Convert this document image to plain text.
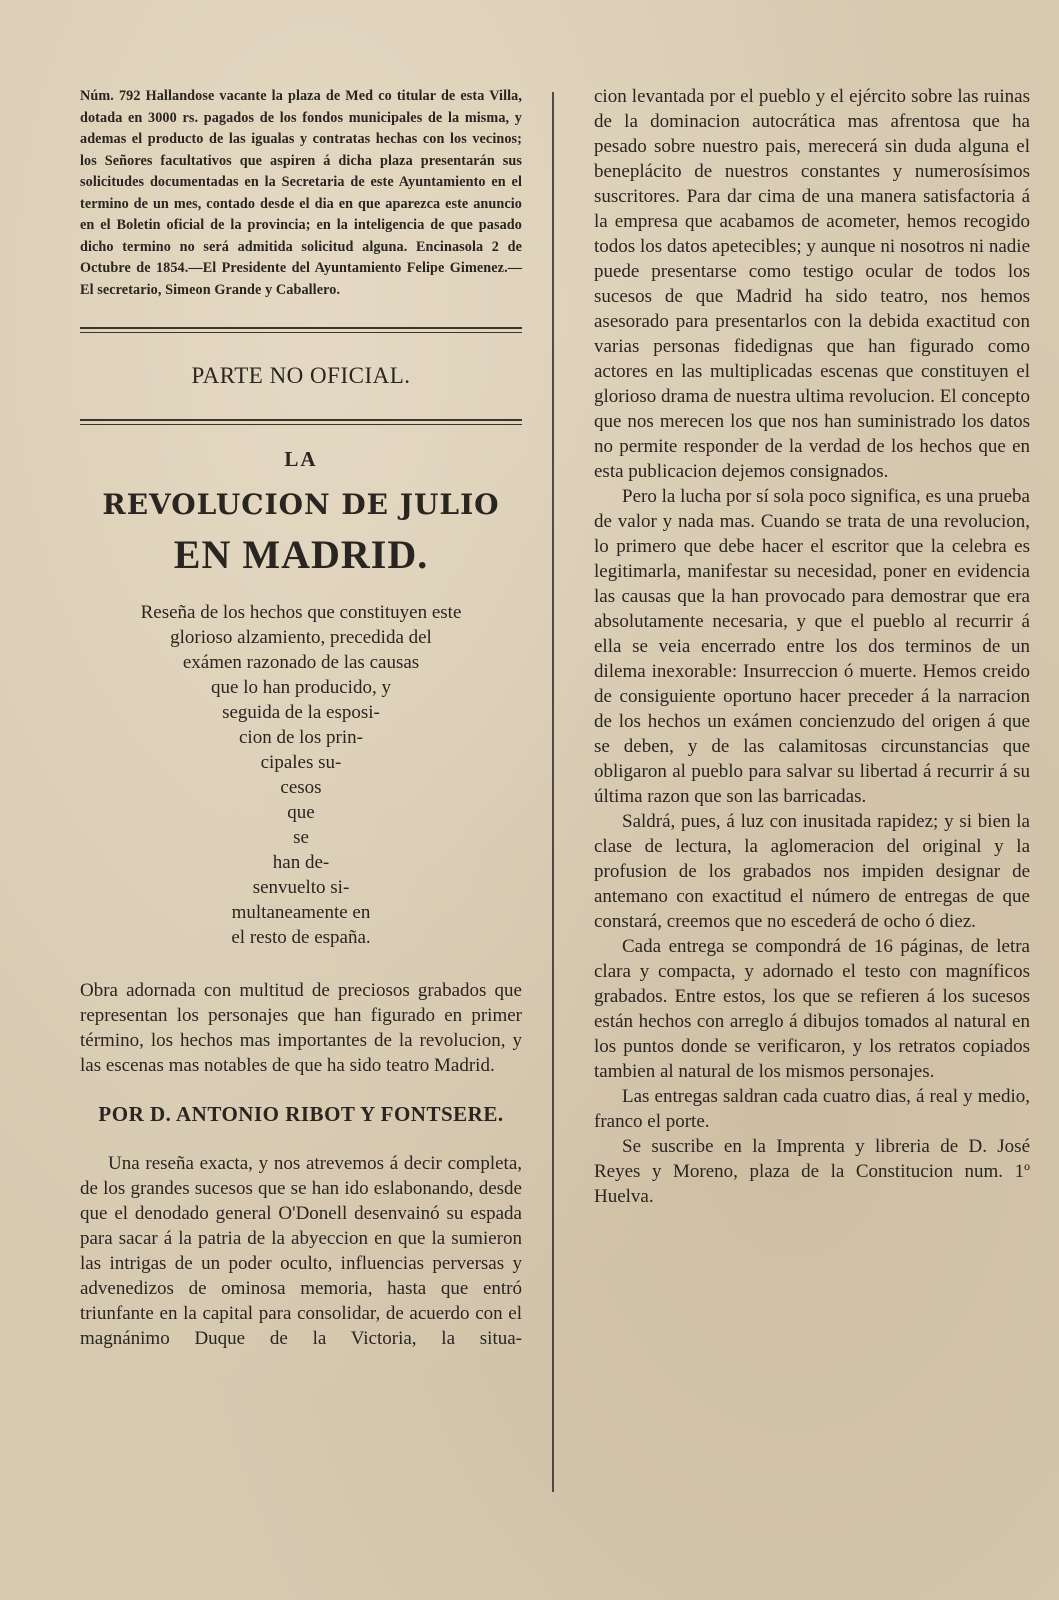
Núm. 792 Hallandose vacante la plaza de Med co titular de esta Villa, dotada en 3000 rs. pagados de los fondos municipales de la misma, y ademas el producto de las igualas y contratas hechas con los vecinos; los Señores facultativos que aspiren á dicha plaza presentarán sus solicitudes documentadas en la Secretaria de este Ayuntamiento en el termino de un mes, contado desde el dia en que aparezca este anuncio en el Boletin oficial de la provincia; en la inteligencia de que pasado dicho termino no será admitida solicitud alguna. Encinasola 2 de Octubre de 1854.—El Presidente del Ayuntamiento Felipe Gimenez.—El secretario, Simeon Grande y Caballero.

PARTE NO OFICIAL.
LA
REVOLUCION DE JULIO
EN MADRID.
Reseña de los hechos que constituyen este
glorioso alzamiento, precedida del
exámen razonado de las causas
que lo han producido, y
seguida de la esposi-
cion de los prin-
cipales su-
cesos
que
se
han de-
senvuelto si-
multaneamente en
el resto de españa.

Obra adornada con multitud de preciosos grabados que representan los personajes que han figurado en primer término, los hechos mas importantes de la revolucion, y las escenas mas notables de que ha sido teatro Madrid.

POR D. ANTONIO RIBOT Y FONTSERE.

Una reseña exacta, y nos atrevemos á decir completa, de los grandes sucesos que se han ido eslabonando, desde que el denodado general O'Donell desenvainó su espada para sacar á la patria de la abyeccion en que la sumieron las intrigas de un poder oculto, influencias perversas y advenedizos de ominosa memoria, hasta que entró triunfante en la capital para consolidar, de acuerdo con el magnánimo Duque de la Victoria, la situa-

cion levantada por el pueblo y el ejército sobre las ruinas de la dominacion autocrática mas afrentosa que ha pesado sobre nuestro pais, merecerá sin duda alguna el beneplácito de nuestros constantes y numerosísimos suscritores. Para dar cima de una manera satisfactoria á la empresa que acabamos de acometer, hemos recogido todos los datos apetecibles; y aunque ni nosotros ni nadie puede presentarse como testigo ocular de todos los sucesos de que Madrid ha sido teatro, nos hemos asesorado para presentarlos con la debida exactitud con varias personas fidedignas que han figurado como actores en las multiplicadas escenas que constituyen el glorioso drama de nuestra ultima revolucion. El concepto que nos merecen los que nos han suministrado los datos no permite responder de la verdad de los hechos que en esta publicacion dejemos consignados.

Pero la lucha por sí sola poco significa, es una prueba de valor y nada mas. Cuando se trata de una revolucion, lo primero que debe hacer el escritor que la celebra es legitimarla, manifestar su necesidad, poner en evidencia las causas que la han provocado para demostrar que era absolutamente necesaria, y que el pueblo al recurrir á ella se veia encerrado entre los dos terminos de un dilema inexorable: Insurreccion ó muerte. Hemos creido de consiguiente oportuno hacer preceder á la narracion de los hechos un exámen concienzudo del origen á que se deben, y de las calamitosas circunstancias que obligaron al pueblo para salvar su libertad á recurrir á su última razon que son las barricadas.

Saldrá, pues, á luz con inusitada rapidez; y si bien la clase de lectura, la aglomeracion del original y la profusion de los grabados nos impiden designar de antemano con exactitud el número de entregas de que constará, creemos que no escederá de ocho ó diez.

Cada entrega se compondrá de 16 páginas, de letra clara y compacta, y adornado el testo con magníficos grabados. Entre estos, los que se refieren á los sucesos están hechos con arreglo á dibujos tomados al natural en los puntos donde se verificaron, y los retratos copiados tambien al natural de los mismos personajes.

Las entregas saldran cada cuatro dias, á real y medio, franco el porte.

Se suscribe en la Imprenta y libreria de D. José Reyes y Moreno, plaza de la Constitucion num. 1º Huelva.
